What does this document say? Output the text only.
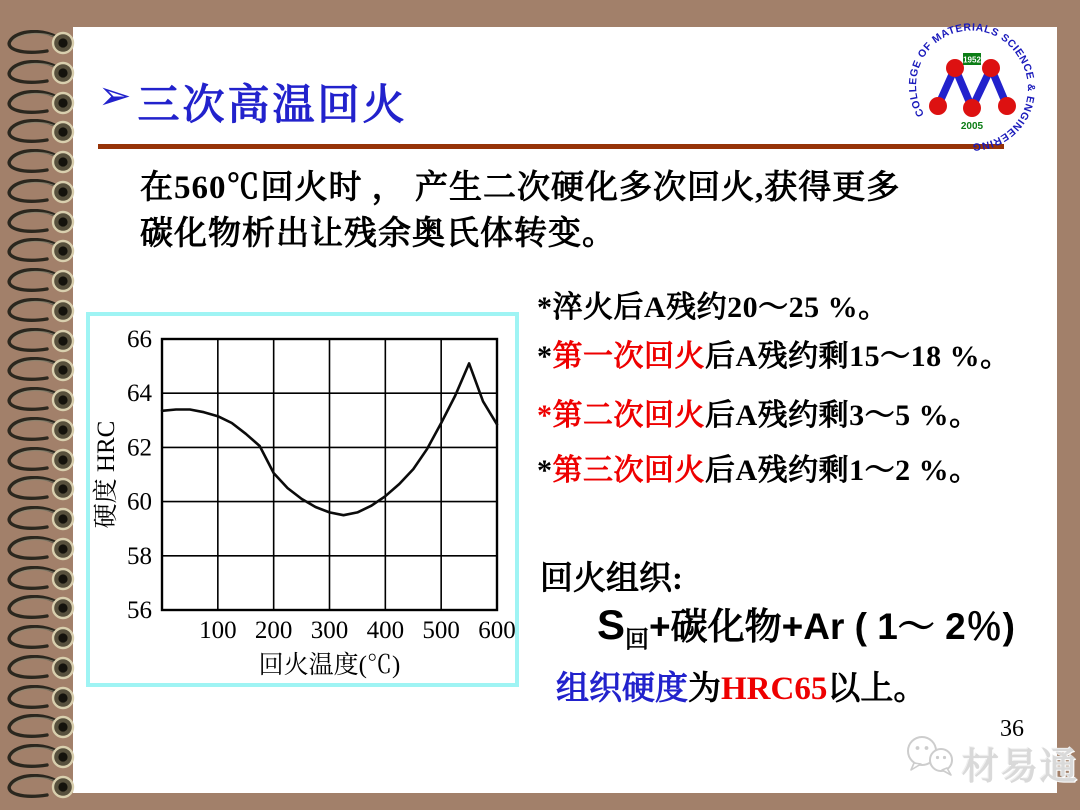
➢ 三次高温回火
在560℃回火时 ， 产生二次硬化多次回火,获得更多
碳化物析出让残余奥氏体转变。
56
58
60
62
64
66
100 200 300 400 500 600
回火温度(℃)
硬度 HRC
*淬火后A残约20～25 %。
*第一次回火后A残约剩15～18 %。
*第二次回火后A残约剩3～5 %。
*第三次回火后A残约剩1～2 %。
回火组织:
$S_回+$碳化物+Ar ( 1～ 2％)
组织硬度为HRC65以上。
COLLEGE OF MATERIALS SCIENCE & ENGINEERING
1952
2005
36
材易通
